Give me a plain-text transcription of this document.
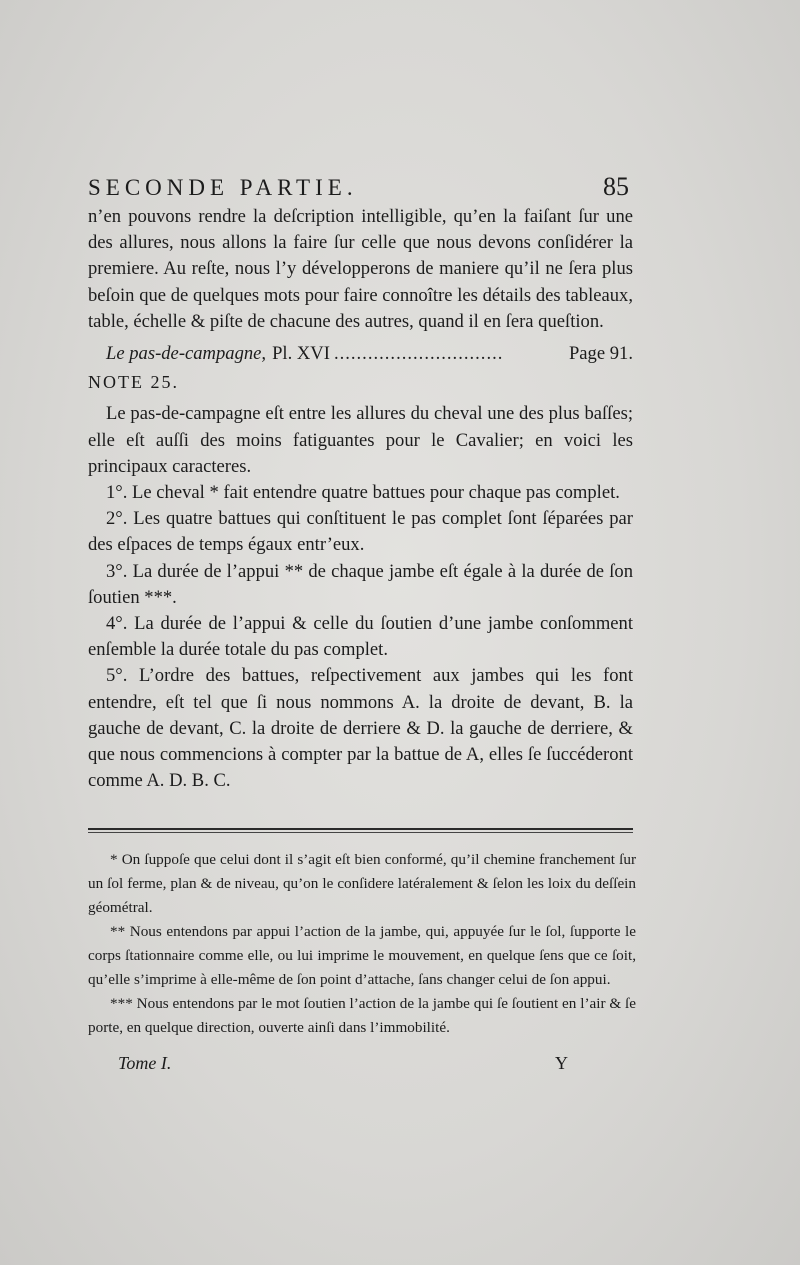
SECONDE PARTIE.	85

n’en pouvons rendre la deſcription intelligible, qu’en la faiſant ſur une des allures, nous allons la faire ſur celle que nous devons conſidérer la premiere. Au reſte, nous l’y développerons de maniere qu’il ne ſera plus beſoin que de quelques mots pour faire connoître les détails des tableaux, table, échelle & piſte de chacune des autres, quand il en ſera queſtion.

Le pas-de-campagne, Pl. XVI ..............................	Page 91.

NOTE 25.

Le pas-de-campagne eſt entre les allures du cheval une des plus baſſes; elle eſt auſſi des moins fatiguantes pour le Cavalier; en voici les principaux caracteres.

1°. Le cheval * fait entendre quatre battues pour chaque pas complet.

2°. Les quatre battues qui conſtituent le pas complet ſont ſéparées par des eſpaces de temps égaux entr’eux.

3°. La durée de l’appui ** de chaque jambe eſt égale à la durée de ſon ſoutien ***.

4°. La durée de l’appui & celle du ſoutien d’une jambe conſomment enſemble la durée totale du pas complet.

5°. L’ordre des battues, reſpectivement aux jambes qui les font entendre, eſt tel que ſi nous nommons A. la droite de devant, B. la gauche de devant, C. la droite de derriere & D. la gauche de derriere, & que nous commencions à compter par la battue de A, elles ſe ſuccéderont comme A. D. B. C.

* On ſuppoſe que celui dont il s’agit eſt bien conformé, qu’il chemine franchement ſur un ſol ferme, plan & de niveau, qu’on le conſidere latéralement & ſelon les loix du deſſein géométral.

** Nous entendons par appui l’action de la jambe, qui, appuyée ſur le ſol, ſupporte le corps ſtationnaire comme elle, ou lui imprime le mouvement, en quelque ſens que ce ſoit, qu’elle s’imprime à elle-même de ſon point d’attache, ſans changer celui de ſon appui.

*** Nous entendons par le mot ſoutien l’action de la jambe qui ſe ſoutient en l’air & ſe porte, en quelque direction, ouverte ainſi dans l’immobilité.

Tome I.	Y
